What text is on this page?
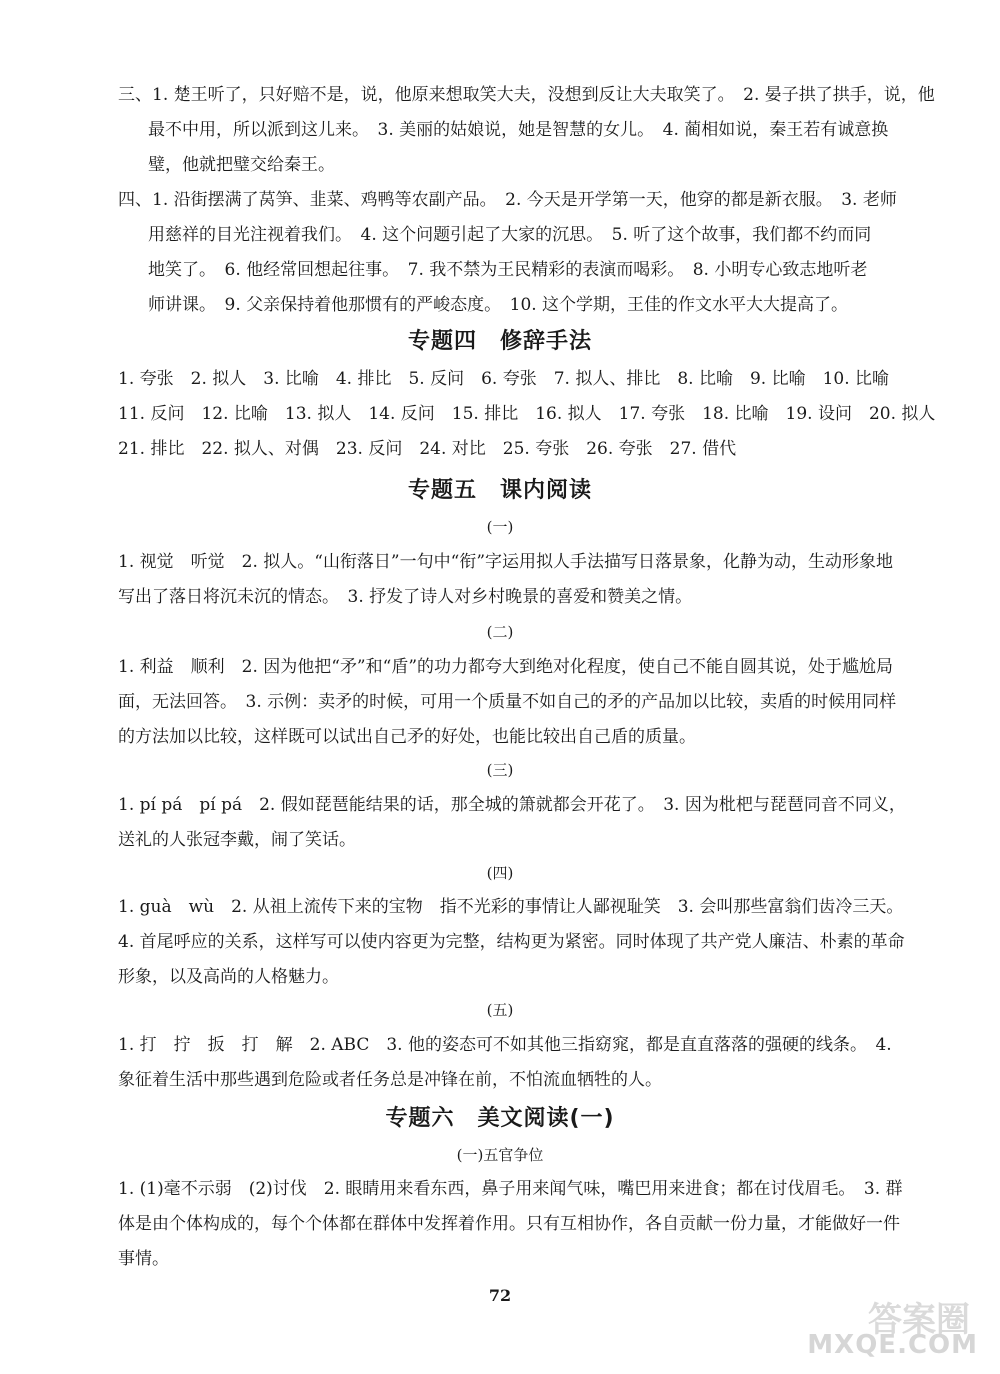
三、1. 楚王听了，只好赔不是，说，他原来想取笑大夫，没想到反让大夫取笑了。　2. 晏子拱了拱手，说，他
最不中用，所以派到这儿来。　3. 美丽的姑娘说，她是智慧的女儿。　4. 蔺相如说，秦王若有诚意换
璧，他就把璧交给秦王。
四、1. 沿街摆满了莴笋、韭菜、鸡鸭等农副产品。　2. 今天是开学第一天，他穿的都是新衣服。　3. 老师
用慈祥的目光注视着我们。　4. 这个问题引起了大家的沉思。　5. 听了这个故事，我们都不约而同
地笑了。　6. 他经常回想起往事。　7. 我不禁为王民精彩的表演而喝彩。　8. 小明专心致志地听老
师讲课。　9. 父亲保持着他那惯有的严峻态度。　10. 这个学期，王佳的作文水平大大提高了。
专题四　修辞手法
1. 夸张　2. 拟人　3. 比喻　4. 排比　5. 反问　6. 夸张　7. 拟人、排比　8. 比喻　9. 比喻　10. 比喻
11. 反问　12. 比喻　13. 拟人　14. 反问　15. 排比　16. 拟人　17. 夸张　18. 比喻　19. 设问　20. 拟人
21. 排比　22. 拟人、对偶　23. 反问　24. 对比　25. 夸张　26. 夸张　27. 借代
专题五　课内阅读
(一)
1. 视觉　听觉　2. 拟人。“山衔落日”一句中“衔”字运用拟人手法描写日落景象，化静为动，生动形象地
写出了落日将沉未沉的情态。　3. 抒发了诗人对乡村晚景的喜爱和赞美之情。
(二)
1. 利益　顺利　2. 因为他把“矛”和“盾”的功力都夸大到绝对化程度，使自己不能自圆其说，处于尴尬局
面，无法回答。　3. 示例：卖矛的时候，可用一个质量不如自己的矛的产品加以比较，卖盾的时候用同样
的方法加以比较，这样既可以试出自己矛的好处，也能比较出自己盾的质量。
(三)
1. pí pá　pí pá　2. 假如琵琶能结果的话，那全城的箫就都会开花了。　3. 因为枇杷与琵琶同音不同义，
送礼的人张冠李戴，闹了笑话。
(四)
1. guà　wù　2. 从祖上流传下来的宝物　指不光彩的事情让人鄙视耻笑　3. 会叫那些富翁们齿冷三天。
4. 首尾呼应的关系，这样写可以使内容更为完整，结构更为紧密。同时体现了共产党人廉洁、朴素的革命
形象，以及高尚的人格魅力。
(五)
1. 打　拧　扳　打　解　2. ABC　3. 他的姿态可不如其他三指窈窕，都是直直落落的强硬的线条。　4.
象征着生活中那些遇到危险或者任务总是冲锋在前，不怕流血牺牲的人。
专题六　美文阅读(一)
(一)五官争位
1. (1)毫不示弱　(2)讨伐　2. 眼睛用来看东西，鼻子用来闻气味，嘴巴用来进食；都在讨伐眉毛。　3. 群
体是由个体构成的，每个个体都在群体中发挥着作用。只有互相协作，各自贡献一份力量，才能做好一件
事情。
72
答案圈
MXQE.COM
